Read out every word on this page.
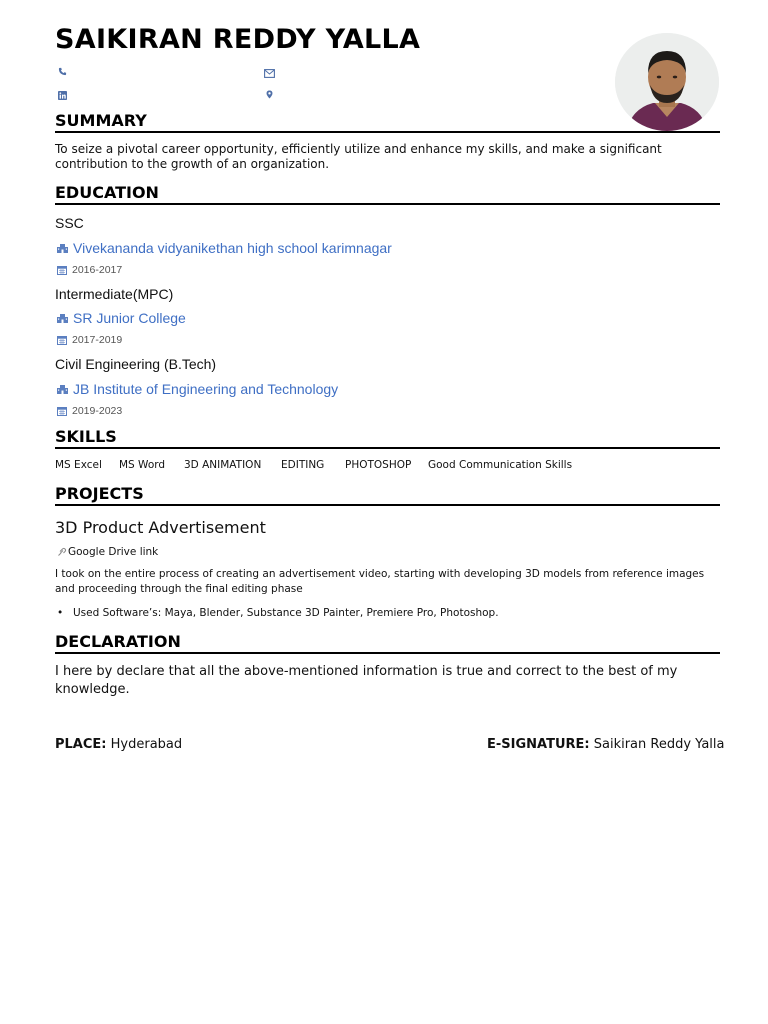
SAIKIRAN REDDY YALLA
SUMMARY
To seize a pivotal career opportunity, efficiently utilize and enhance my skills, and make a significant contribution to the growth of an organization.
EDUCATION
SSC
Vivekananda vidyanikethan high school karimnagar
2016-2017
Intermediate(MPC)
SR Junior College
2017-2019
Civil Engineering (B.Tech)
JB Institute of Engineering and Technology
2019-2023
SKILLS
MS Excel	MS Word	3D ANIMATION	EDITING	PHOTOSHOP	Good Communication Skills
PROJECTS
3D Product Advertisement
Google Drive link
I took on the entire process of creating an advertisement video, starting with developing 3D models from reference images and proceeding through the final editing phase
• Used Software’s: Maya, Blender, Substance 3D Painter, Premiere Pro, Photoshop.
DECLARATION
I here by declare that all the above-mentioned information is true and correct to the best of my knowledge.
PLACE: Hyderabad	E-SIGNATURE: Saikiran Reddy Yalla
